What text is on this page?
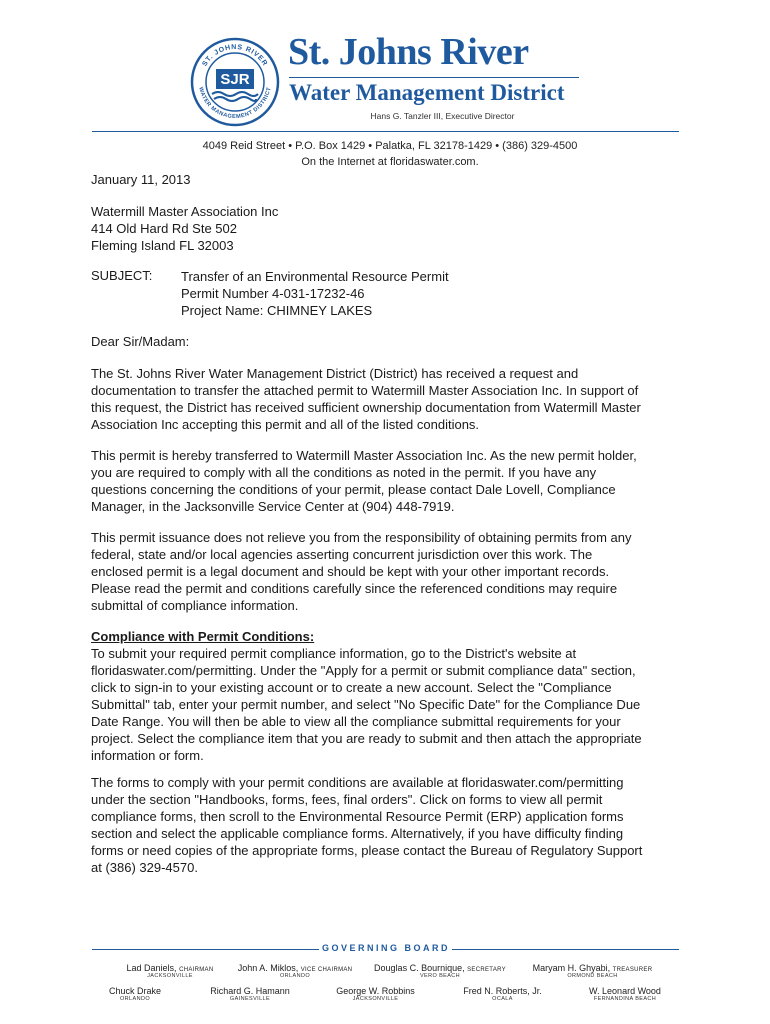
ST. JOHNS RIVER
WATER MANAGEMENT DISTRICT
SJR
St. Johns River
Water Management District
Hans G. Tanzler III, Executive Director
4049 Reid Street • P.O. Box 1429 • Palatka, FL 32178-1429 • (386) 329-4500
On the Internet at floridaswater.com.
January 11, 2013
Watermill Master Association Inc
414 Old Hard Rd Ste 502
Fleming Island FL 32003
SUBJECT: Transfer of an Environmental Resource Permit
Permit Number 4-031-17232-46
Project Name: CHIMNEY LAKES
Dear Sir/Madam:
The St. Johns River Water Management District (District) has received a request and
documentation to transfer the attached permit to Watermill Master Association Inc. In support of
this request, the District has received sufficient ownership documentation from Watermill Master
Association Inc accepting this permit and all of the listed conditions.
This permit is hereby transferred to Watermill Master Association Inc. As the new permit holder,
you are required to comply with all the conditions as noted in the permit. If you have any
questions concerning the conditions of your permit, please contact Dale Lovell, Compliance
Manager, in the Jacksonville Service Center at (904) 448-7919.
This permit issuance does not relieve you from the responsibility of obtaining permits from any
federal, state and/or local agencies asserting concurrent jurisdiction over this work. The
enclosed permit is a legal document and should be kept with your other important records.
Please read the permit and conditions carefully since the referenced conditions may require
submittal of compliance information.
Compliance with Permit Conditions:
To submit your required permit compliance information, go to the District's website at
floridaswater.com/permitting. Under the "Apply for a permit or submit compliance data" section,
click to sign-in to your existing account or to create a new account. Select the "Compliance
Submittal" tab, enter your permit number, and select "No Specific Date" for the Compliance Due
Date Range. You will then be able to view all the compliance submittal requirements for your
project. Select the compliance item that you are ready to submit and then attach the appropriate
information or form.
The forms to comply with your permit conditions are available at floridaswater.com/permitting
under the section "Handbooks, forms, fees, final orders". Click on forms to view all permit
compliance forms, then scroll to the Environmental Resource Permit (ERP) application forms
section and select the applicable compliance forms. Alternatively, if you have difficulty finding
forms or need copies of the appropriate forms, please contact the Bureau of Regulatory Support
at (386) 329-4570.
GOVERNING BOARD
Lad Daniels, CHAIRMAN
JACKSONVILLE
John A. Miklos, VICE CHAIRMAN
ORLANDO
Douglas C. Bournique, SECRETARY
VERO BEACH
Maryam H. Ghyabi, TREASURER
ORMOND BEACH
Chuck Drake
ORLANDO
Richard G. Hamann
GAINESVILLE
George W. Robbins
JACKSONVILLE
Fred N. Roberts, Jr.
OCALA
W. Leonard Wood
FERNANDINA BEACH
